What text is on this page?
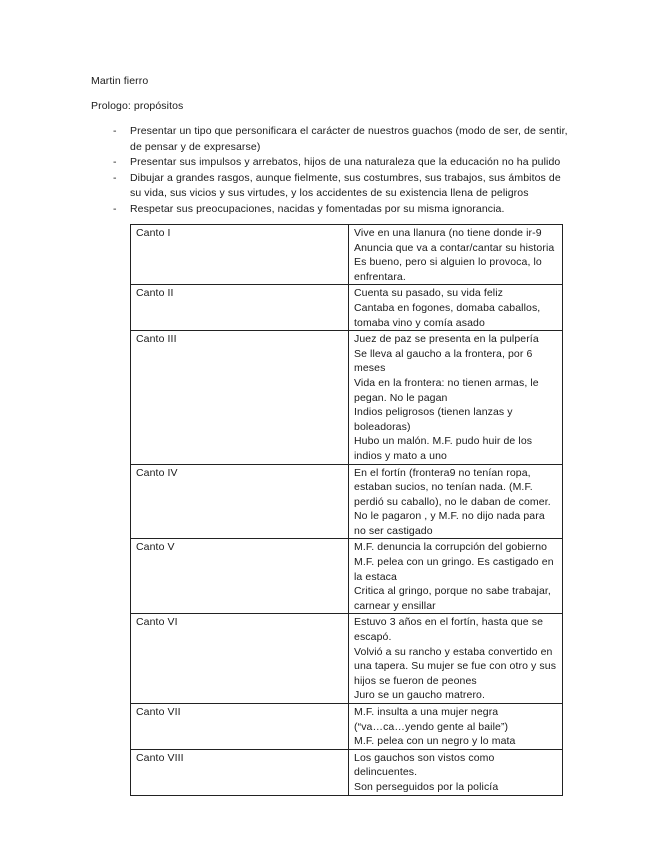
Martin fierro
Prologo: propósitos
- Presentar un tipo que personificara el carácter de nuestros guachos (modo de ser, de sentir, de pensar y de expresarse)
- Presentar sus impulsos y arrebatos, hijos de una naturaleza que la educación no ha pulido
- Dibujar a grandes rasgos, aunque fielmente, sus costumbres, sus trabajos, sus ámbitos de su vida, sus vicios y sus virtudes, y los accidentes de su existencia llena de peligros
- Respetar sus preocupaciones, nacidas y fomentadas por su misma ignorancia.
Canto I	Vive en una llanura (no tiene donde ir-9
Anuncia que va a contar/cantar su historia
Es bueno, pero si alguien lo provoca, lo enfrentara.

Canto II	Cuenta su pasado, su vida feliz
Cantaba en fogones, domaba caballos, tomaba vino y comía asado

Canto III	Juez de paz se presenta en la pulpería
Se lleva al gaucho a la frontera, por 6 meses
Vida en la frontera: no tienen armas, le pegan. No le pagan
Indios peligrosos (tienen lanzas y boleadoras)
Hubo un malón. M.F. pudo huir de los indios y mato a uno

Canto IV	En el fortín (frontera9 no tenían ropa, estaban sucios, no tenían nada. (M.F. perdió su caballo), no le daban de comer. No le pagaron , y M.F. no dijo nada para no ser castigado

Canto V	M.F. denuncia la corrupción del gobierno
M.F. pelea con un gringo. Es castigado en la estaca
Critica al gringo, porque no sabe trabajar, carnear y ensillar

Canto VI	Estuvo 3 años en el fortín, hasta que se escapó.
Volvió a su rancho y estaba convertido en una tapera. Su mujer se fue con otro y sus hijos se fueron de peones
Juro se un gaucho matrero.

Canto VII	M.F. insulta a una mujer negra
(“va…ca…yendo gente al baile”)
M.F. pelea con un negro y lo mata

Canto VIII	Los gauchos son vistos como delincuentes.
Son perseguidos por la policía
